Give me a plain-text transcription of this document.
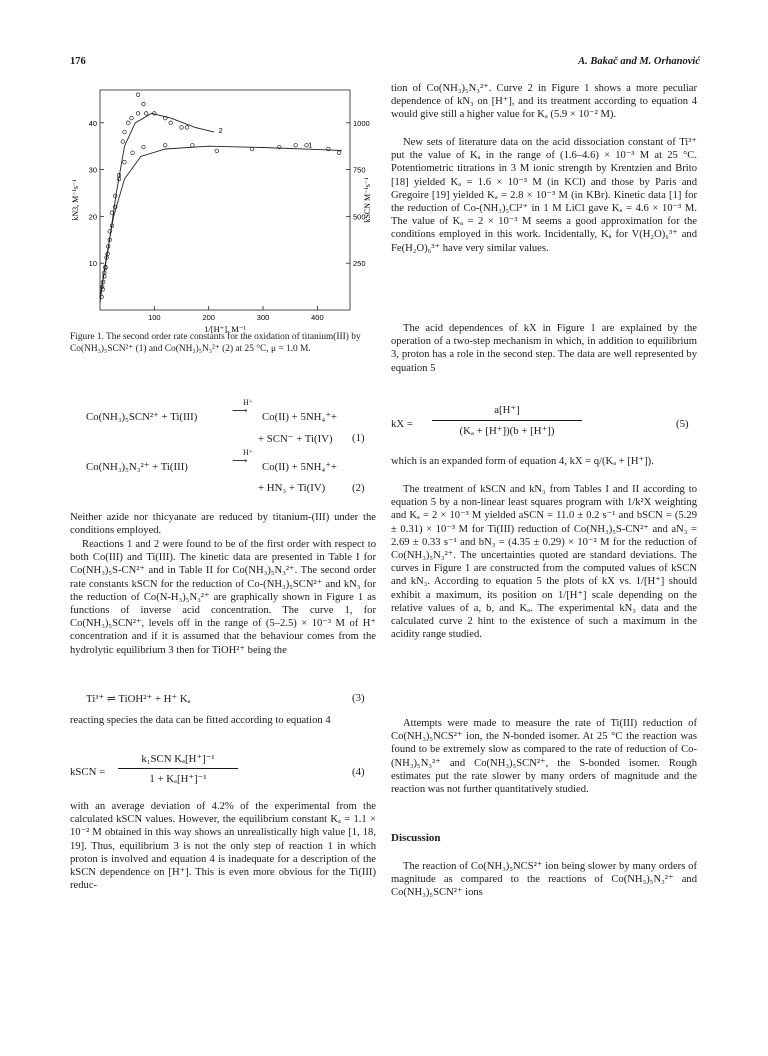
176	A. Bakač and M. Orhanović
100	200	300	400
10
20
30
40
250
500
750
1000
1
2
1/[H⁺], M⁻¹
kN3, M⁻¹s⁻¹	kSCN M⁻¹s⁻¹
Figure 1. The second order rate constants for the oxidation of titanium(III) by Co(NH₃)₅SCN²⁺ (1) and Co(NH₃)₅N₃²⁺ (2) at 25 °C, μ = 1.0 M.
Co(NH₃)₅SCN²⁺ + Ti(III)
H⁺
⟶ Co(II) + 5NH₄⁺+
+ SCN⁻ + Ti(IV) (1)
Co(NH₃)₅N₃²⁺ + Ti(III)
H⁺
⟶ Co(II) + 5NH₄⁺+
+ HN₃ + Ti(IV) (2)
Neither azide nor thicyanate are reduced by titanium-(III) under the conditions employed.
Reactions 1 and 2 were found to be of the first order with respect to both Co(III) and Ti(III). The kinetic data are presented in Table I for Co(NH₃)₅S-CN²⁺ and in Table II for Co(NH₃)₅N₃²⁺. The second order rate constants kSCN for the reduction of Co-(NH₃)₅SCN²⁺ and kN₃ for the reduction of Co(N-H₃)₅N₃²⁺ are graphically shown in Figure 1 as functions of inverse acid concentration. The curve 1, for Co(NH₃)₅SCN²⁺, levels off in the range of (5–2.5) × 10⁻³ M of H⁺ concentration and if it is assumed that the behaviour comes from the hydrolytic equilibrium 3 then for TiOH²⁺ being the
Ti³⁺ ⇌ TiOH²⁺ + H⁺ Kₐ	(3)
reacting species the data can be fitted according to equation 4
kSCN =
k₁SCN Kₐ[H⁺]⁻¹
1 + Kₐ[H⁺]⁻¹
(4)
with an average deviation of 4.2% of the experimental from the calculated kSCN values. However, the equilibrium constant Kₐ = 1.1 × 10⁻² M obtained in this way shows an unrealistically high value [1, 18, 19]. Thus, equilibrium 3 is not the only step of reaction 1 in which proton is involved and equation 4 is inadequate for a description of the kSCN dependence on [H⁺]. This is even more obvious for the Ti(III) reduc-
tion of Co(NH₃)₅N₃²⁺. Curve 2 in Figure 1 shows a more peculiar dependence of kN₃ on [H⁺], and its treatment according to equation 4 would give still a higher value for Kₐ (5.9 × 10⁻² M).
New sets of literature data on the acid dissociation constant of Ti³⁺ put the value of Kₐ in the range of (1.6–4.6) × 10⁻³ M at 25 °C. Potentiometric titrations in 3 M ionic strength by Krentzien and Brito [18] yielded Kₐ = 1.6 × 10⁻³ M (in KCl) and those by Paris and Gregoire [19] yielded Kₐ = 2.8 × 10⁻³ M (in KBr). Kinetic data [1] for the reduction of Co-(NH₃)₅Cl²⁺ in 1 M LiCl gave Kₐ = 4.6 × 10⁻³ M. The value of Kₐ = 2 × 10⁻³ M seems a good approximation for the conditions employed in this work. Incidentally, Kₐ for V(H₂O)₆³⁺ and Fe(H₂O)₆³⁺ have very similar values.
The acid dependences of kX in Figure 1 are explained by the operation of a two-step mechanism in which, in addition to equilibrium 3, proton has a role in the second step. The data are well represented by equation 5
kX =
a[H⁺]
(Kₐ + [H⁺])(b + [H⁺])
(5)
which is an expanded form of equation 4, kX = q/(Kₐ + [H⁺]).
The treatment of kSCN and kN₃ from Tables I and II according to equation 5 by a non-linear least squares program with 1/k²X weighting and Kₐ = 2 × 10⁻³ M yielded aSCN = 11.0 ± 0.2 s⁻¹ and bSCN = (5.29 ± 0.31) × 10⁻³ M for Ti(III) reduction of Co(NH₃)₅S-CN²⁺ and aN₃ = 2.69 ± 0.33 s⁻¹ and bN₃ = (4.35 ± 0.29) × 10⁻² M for the reduction of Co(NH₃)₅N₃²⁺. The uncertainties quoted are standard deviations. The curves in Figure 1 are constructed from the computed values of kSCN and kN₃. According to equation 5 the plots of kX vs. 1/[H⁺] should exhibit a maximum, its position on 1/[H⁺] scale depending on the relative values of a, b, and Kₐ. The experimental kN₃ data and the calculated curve 2 hint to the existence of such a maximum in the acidity range studied.
Attempts were made to measure the rate of Ti(III) reduction of Co(NH₃)₅NCS²⁺ ion, the N-bonded isomer. At 25 °C the reaction was found to be extremely slow as compared to the rate of reduction of Co-(NH₃)₅N₃²⁺ and Co(NH₃)₅SCN²⁺, the S-bonded isomer. Rough estimates put the rate slower by many orders of magnitude and the reaction was not further quantitatively studied.
Discussion
The reaction of Co(NH₃)₅NCS²⁺ ion being slower by many orders of magnitude as compared to the reactions of Co(NH₃)₅N₃²⁺ and Co(NH₃)₅SCN²⁺ ions
